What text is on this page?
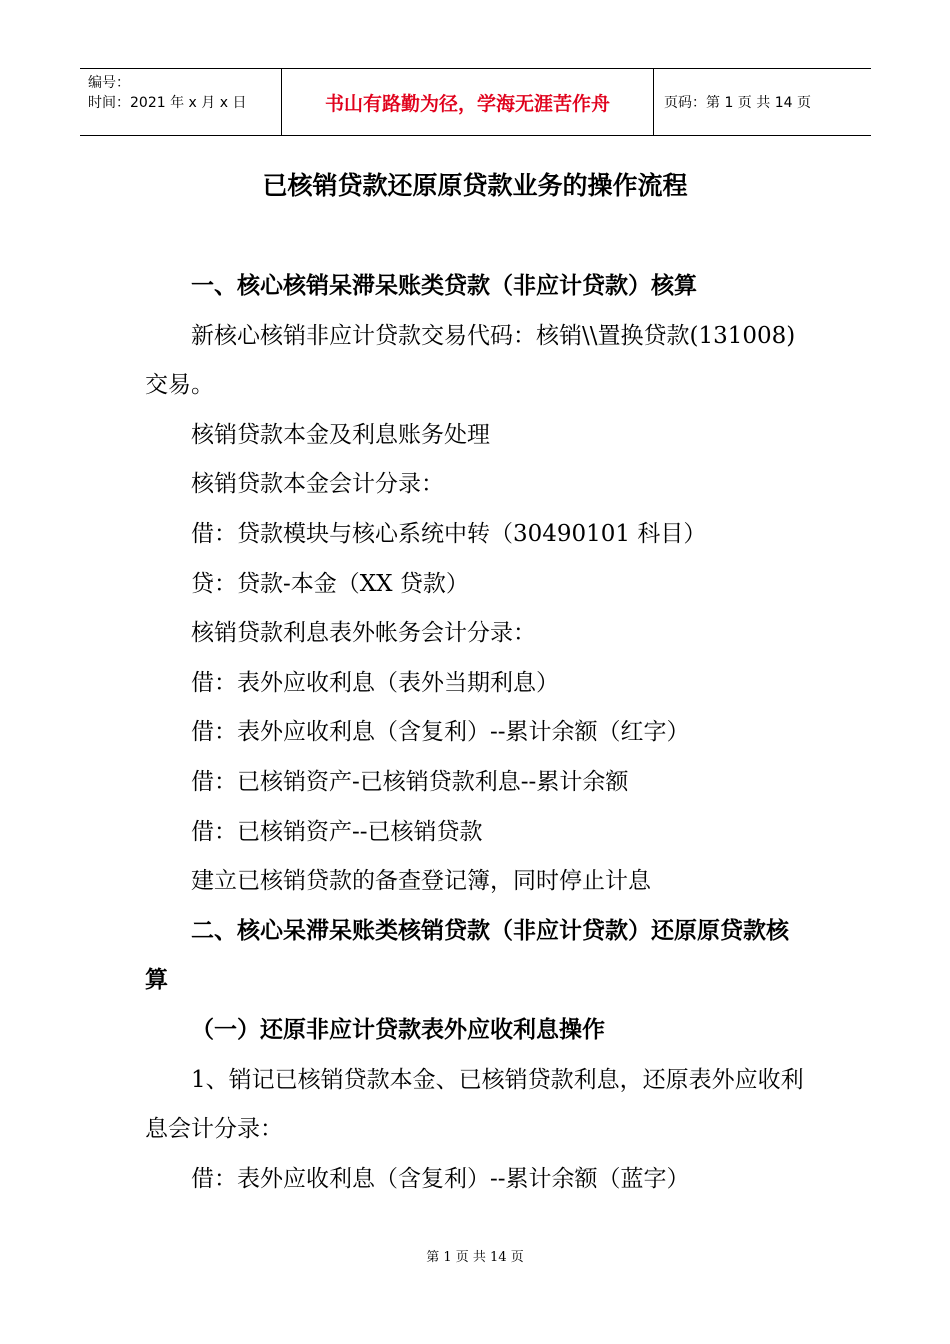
编号：
时间：2021 年 x 月 x 日	书山有路勤为径，学海无涯苦作舟	页码：第 1 页 共 14 页
已核销贷款还原原贷款业务的操作流程

一、核心核销呆滞呆账类贷款（非应计贷款）核算

新核心核销非应计贷款交易代码：核销\\置换贷款(131008)交易。

核销贷款本金及利息账务处理

核销贷款本金会计分录：

借：贷款模块与核心系统中转（30490101 科目）

贷：贷款-本金（XX 贷款）

核销贷款利息表外帐务会计分录：

借：表外应收利息（表外当期利息）

借：表外应收利息（含复利）--累计余额（红字）

借：已核销资产-已核销贷款利息--累计余额

借：已核销资产--已核销贷款

建立已核销贷款的备查登记簿，同时停止计息

二、核心呆滞呆账类核销贷款（非应计贷款）还原原贷款核算

（一）还原非应计贷款表外应收利息操作

1、销记已核销贷款本金、已核销贷款利息，还原表外应收利息会计分录：

借：表外应收利息（含复利）--累计余额（蓝字）

第 1 页 共 14 页
